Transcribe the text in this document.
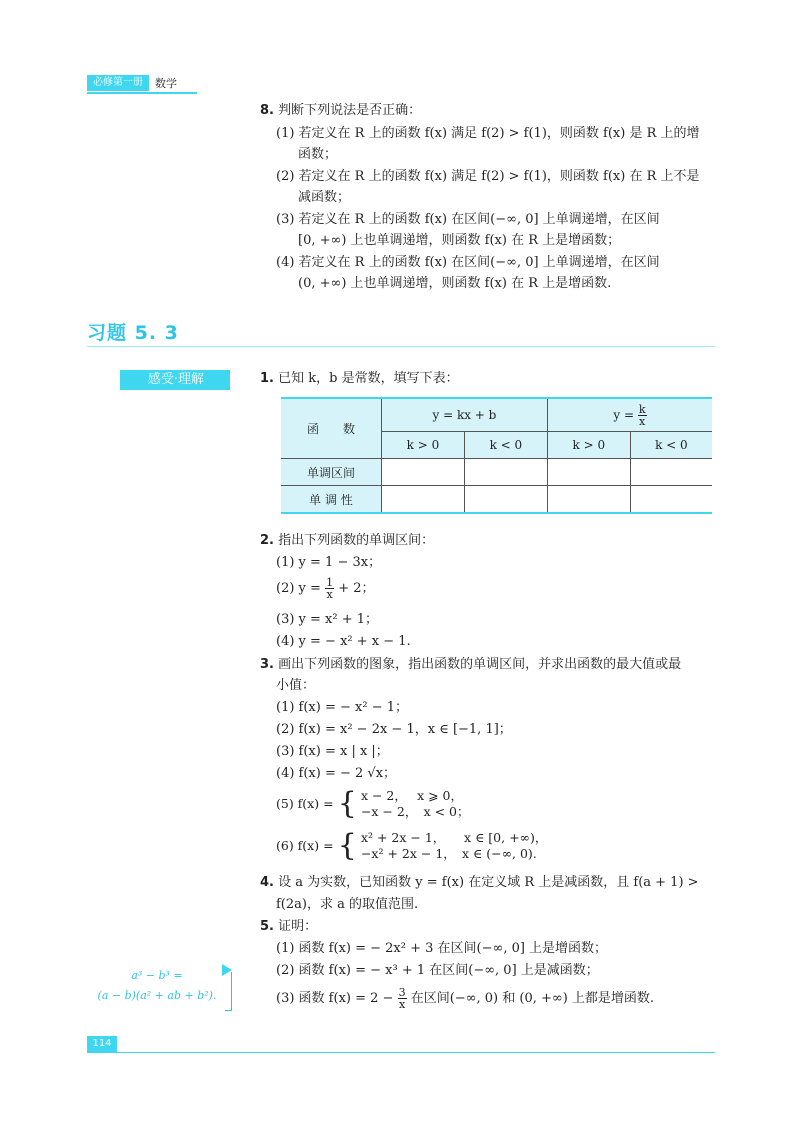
必修第一册	数学
8. 判断下列说法是否正确：
(1) 若定义在 R 上的函数 f(x) 满足 f(2) > f(1)，则函数 f(x) 是 R 上的增
函数；
(2) 若定义在 R 上的函数 f(x) 满足 f(2) > f(1)，则函数 f(x) 在 R 上不是
减函数；
(3) 若定义在 R 上的函数 f(x) 在区间(−∞, 0] 上单调递增，在区间
[0, +∞) 上也单调递增，则函数 f(x) 在 R 上是增函数；
(4) 若定义在 R 上的函数 f(x) 在区间(−∞, 0] 上单调递增，在区间
(0, +∞) 上也单调递增，则函数 f(x) 在 R 上是增函数.
习题 5. 3
感受·理解	1. 已知 k，b 是常数，填写下表：
函　　数	y = kx + b		$y = \frac{k}{x}$

	k > 0	k < 0	k > 0	k < 0
单调区间				
单 调 性				
2. 指出下列函数的单调区间：
(1) y = 1 − 3x；
(2) $y = \frac{1}{x} + 2$；
(3) y = x² + 1；
(4) y = − x² + x − 1.
3. 画出下列函数的图象，指出函数的单调区间，并求出函数的最大值或最
小值：
(1) f(x) = − x² − 1；
(2) f(x) = x² − 2x − 1，x ∈ [−1, 1]；
(3) f(x) = x | x |；
(4) f(x) = − 2 √x；
(5) f(x) = { x − 2，　 x ⩾ 0，
−x − 2，　x < 0；
(6) f(x) = { x² + 2x − 1，　　x ∈ [0, +∞)，
−x² + 2x − 1，　x ∈ (−∞, 0).
4. 设 a 为实数，已知函数 y = f(x) 在定义域 R 上是减函数，且 f(a + 1) >
f(2a)，求 a 的取值范围.
5. 证明：
(1) 函数 f(x) = − 2x² + 3 在区间(−∞, 0] 上是增函数；
(2) 函数 f(x) = − x³ + 1 在区间(−∞, 0] 上是减函数；
(3) 函数 $f(x) = 2 - \frac{3}{x}$ 在区间(−∞, 0) 和 (0, +∞) 上都是增函数.
a³ − b³ =
(a − b)(a² + ab + b²).
114
